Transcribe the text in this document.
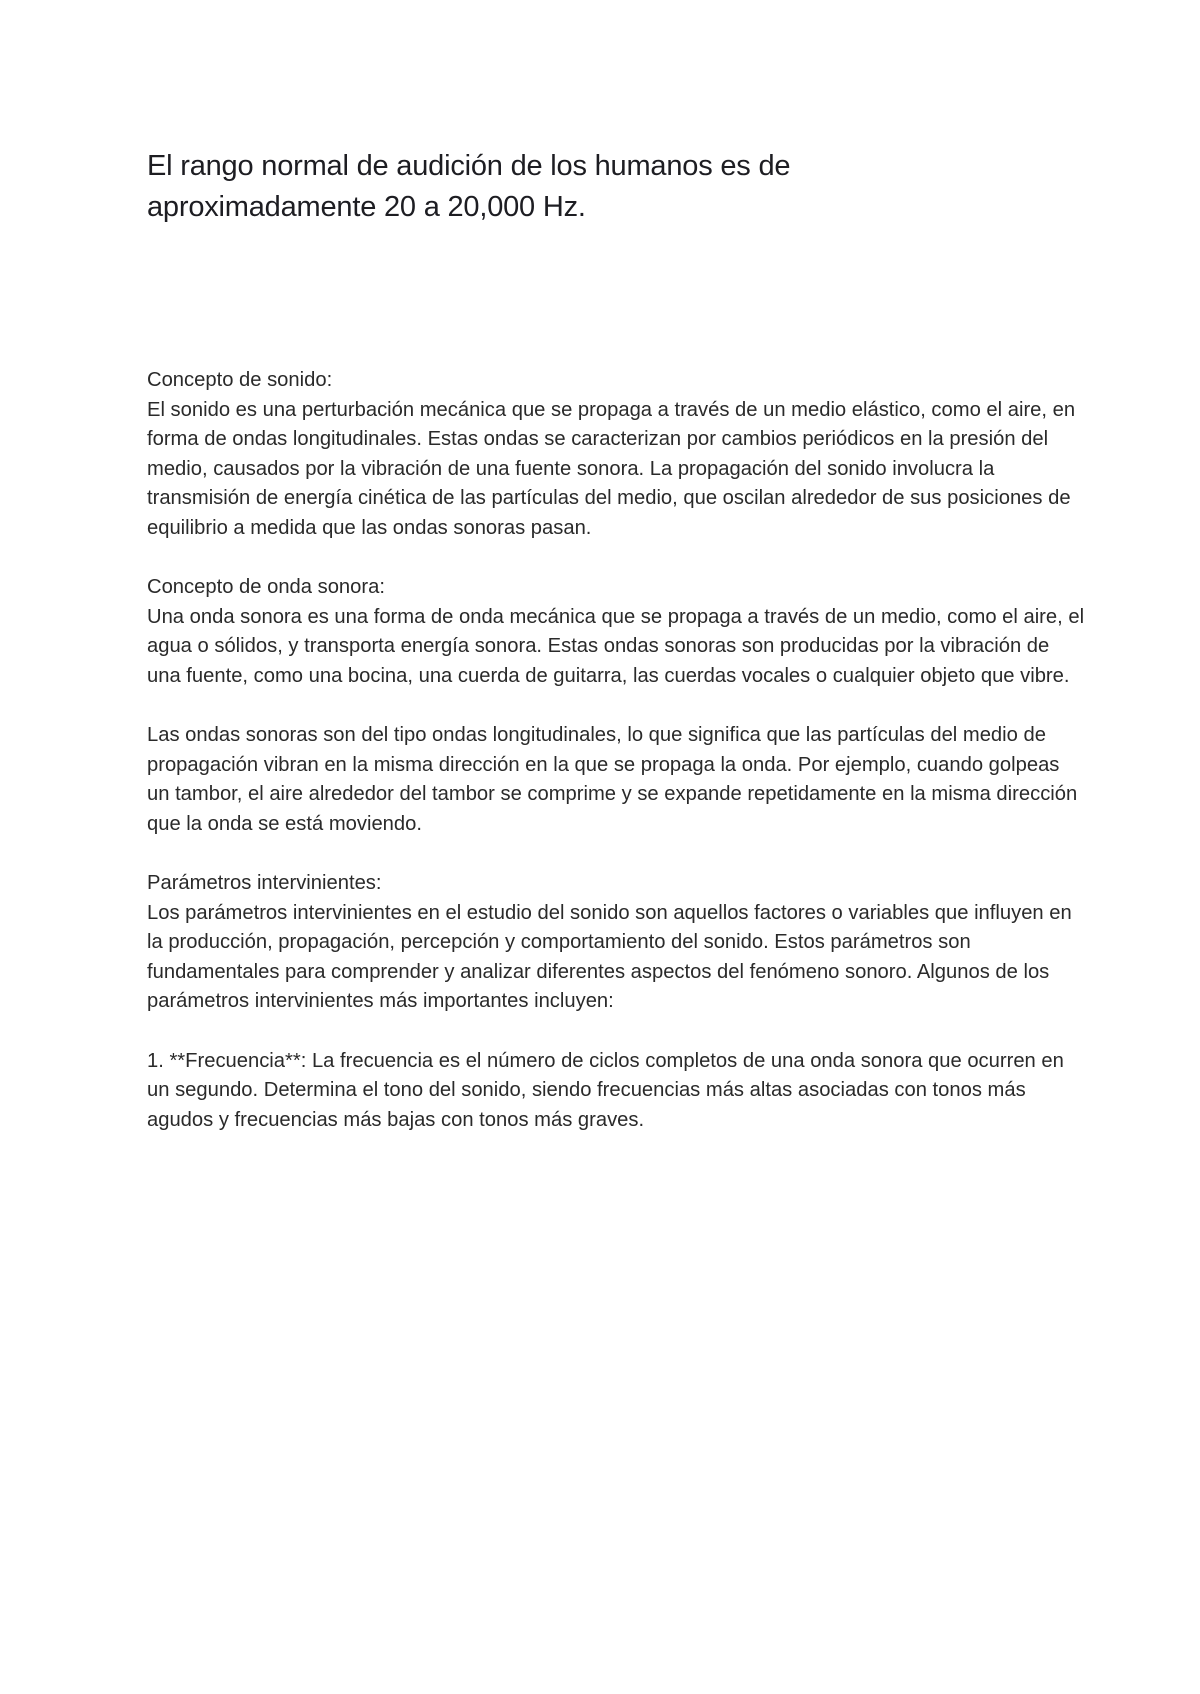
El rango normal de audición de los humanos es de aproximadamente 20 a 20,000 Hz.

Concepto de sonido:

El sonido es una perturbación mecánica que se propaga a través de un medio elástico, como el aire, en forma de ondas longitudinales. Estas ondas se caracterizan por cambios periódicos en la presión del medio, causados por la vibración de una fuente sonora. La propagación del sonido involucra la transmisión de energía cinética de las partículas del medio, que oscilan alrededor de sus posiciones de equilibrio a medida que las ondas sonoras pasan.

Concepto de onda sonora:

Una onda sonora es una forma de onda mecánica que se propaga a través de un medio, como el aire, el agua o sólidos, y transporta energía sonora. Estas ondas sonoras son producidas por la vibración de una fuente, como una bocina, una cuerda de guitarra, las cuerdas vocales o cualquier objeto que vibre.

Las ondas sonoras son del tipo ondas longitudinales, lo que significa que las partículas del medio de propagación vibran en la misma dirección en la que se propaga la onda. Por ejemplo, cuando golpeas un tambor, el aire alrededor del tambor se comprime y se expande repetidamente en la misma dirección que la onda se está moviendo.

Parámetros intervinientes:

Los parámetros intervinientes en el estudio del sonido son aquellos factores o variables que influyen en la producción, propagación, percepción y comportamiento del sonido. Estos parámetros son fundamentales para comprender y analizar diferentes aspectos del fenómeno sonoro. Algunos de los parámetros intervinientes más importantes incluyen:

1. **Frecuencia**: La frecuencia es el número de ciclos completos de una onda sonora que ocurren en un segundo. Determina el tono del sonido, siendo frecuencias más altas asociadas con tonos más agudos y frecuencias más bajas con tonos más graves.
